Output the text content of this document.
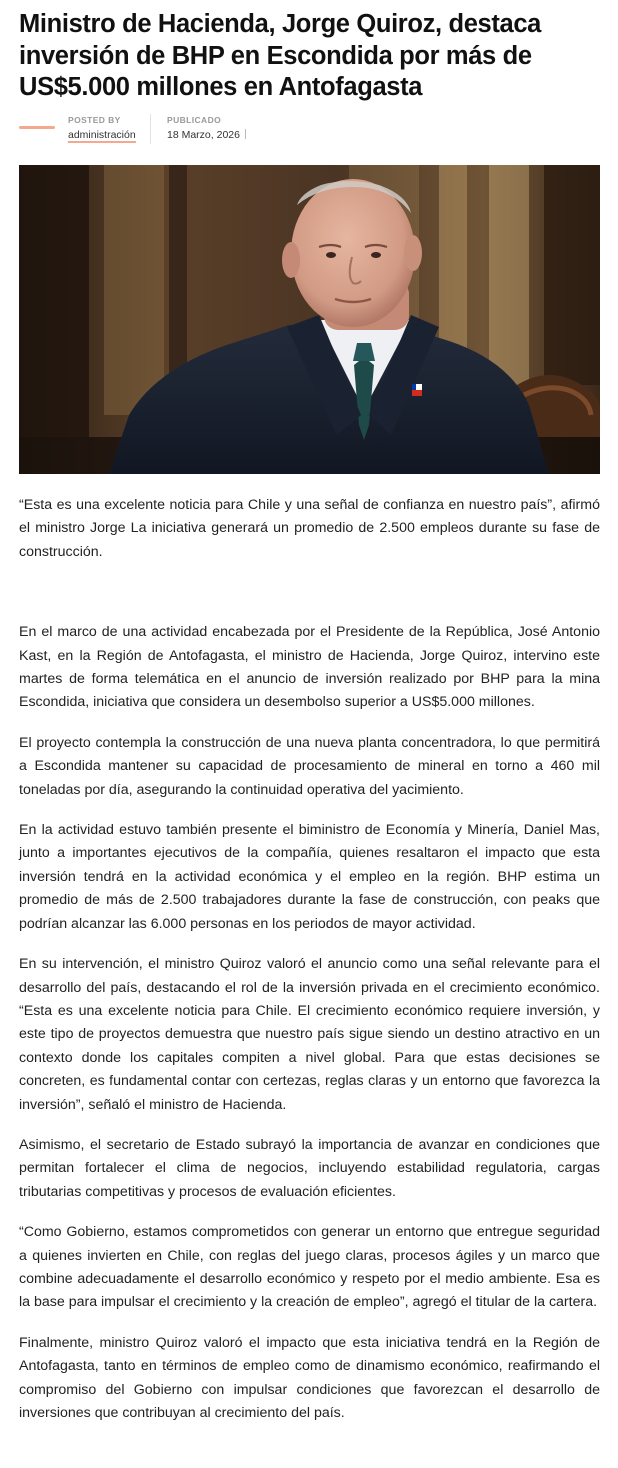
Ministro de Hacienda, Jorge Quiroz, destaca inversión de BHP en Escondida por más de US$5.000 millones en Antofagasta
POSTED BY
administración
PUBLICADO
18 Marzo, 2026

“Esta es una excelente noticia para Chile y una señal de confianza en nuestro país”, afirmó el ministro Jorge La iniciativa generará un promedio de 2.500 empleos durante su fase de construcción.

En el marco de una actividad encabezada por el Presidente de la República, José Antonio Kast, en la Región de Antofagasta, el ministro de Hacienda, Jorge Quiroz, intervino este martes de forma telemática en el anuncio de inversión realizado por BHP para la mina Escondida, iniciativa que considera un desembolso superior a US$5.000 millones.

El proyecto contempla la construcción de una nueva planta concentradora, lo que permitirá a Escondida mantener su capacidad de procesamiento de mineral en torno a 460 mil toneladas por día, asegurando la continuidad operativa del yacimiento.

En la actividad estuvo también presente el biministro de Economía y Minería, Daniel Mas, junto a importantes ejecutivos de la compañía, quienes resaltaron el impacto que esta inversión tendrá en la actividad económica y el empleo en la región. BHP estima un promedio de más de 2.500 trabajadores durante la fase de construcción, con peaks que podrían alcanzar las 6.000 personas en los periodos de mayor actividad.

En su intervención, el ministro Quiroz valoró el anuncio como una señal relevante para el desarrollo del país, destacando el rol de la inversión privada en el crecimiento económico. “Esta es una excelente noticia para Chile. El crecimiento económico requiere inversión, y este tipo de proyectos demuestra que nuestro país sigue siendo un destino atractivo en un contexto donde los capitales compiten a nivel global. Para que estas decisiones se concreten, es fundamental contar con certezas, reglas claras y un entorno que favorezca la inversión”, señaló el ministro de Hacienda.

Asimismo, el secretario de Estado subrayó la importancia de avanzar en condiciones que permitan fortalecer el clima de negocios, incluyendo estabilidad regulatoria, cargas tributarias competitivas y procesos de evaluación eficientes.

“Como Gobierno, estamos comprometidos con generar un entorno que entregue seguridad a quienes invierten en Chile, con reglas del juego claras, procesos ágiles y un marco que combine adecuadamente el desarrollo económico y respeto por el medio ambiente. Esa es la base para impulsar el crecimiento y la creación de empleo”, agregó el titular de la cartera.

Finalmente, ministro Quiroz valoró el impacto que esta iniciativa tendrá en la Región de Antofagasta, tanto en términos de empleo como de dinamismo económico, reafirmando el compromiso del Gobierno con impulsar condiciones que favorezcan el desarrollo de inversiones que contribuyan al crecimiento del país.
